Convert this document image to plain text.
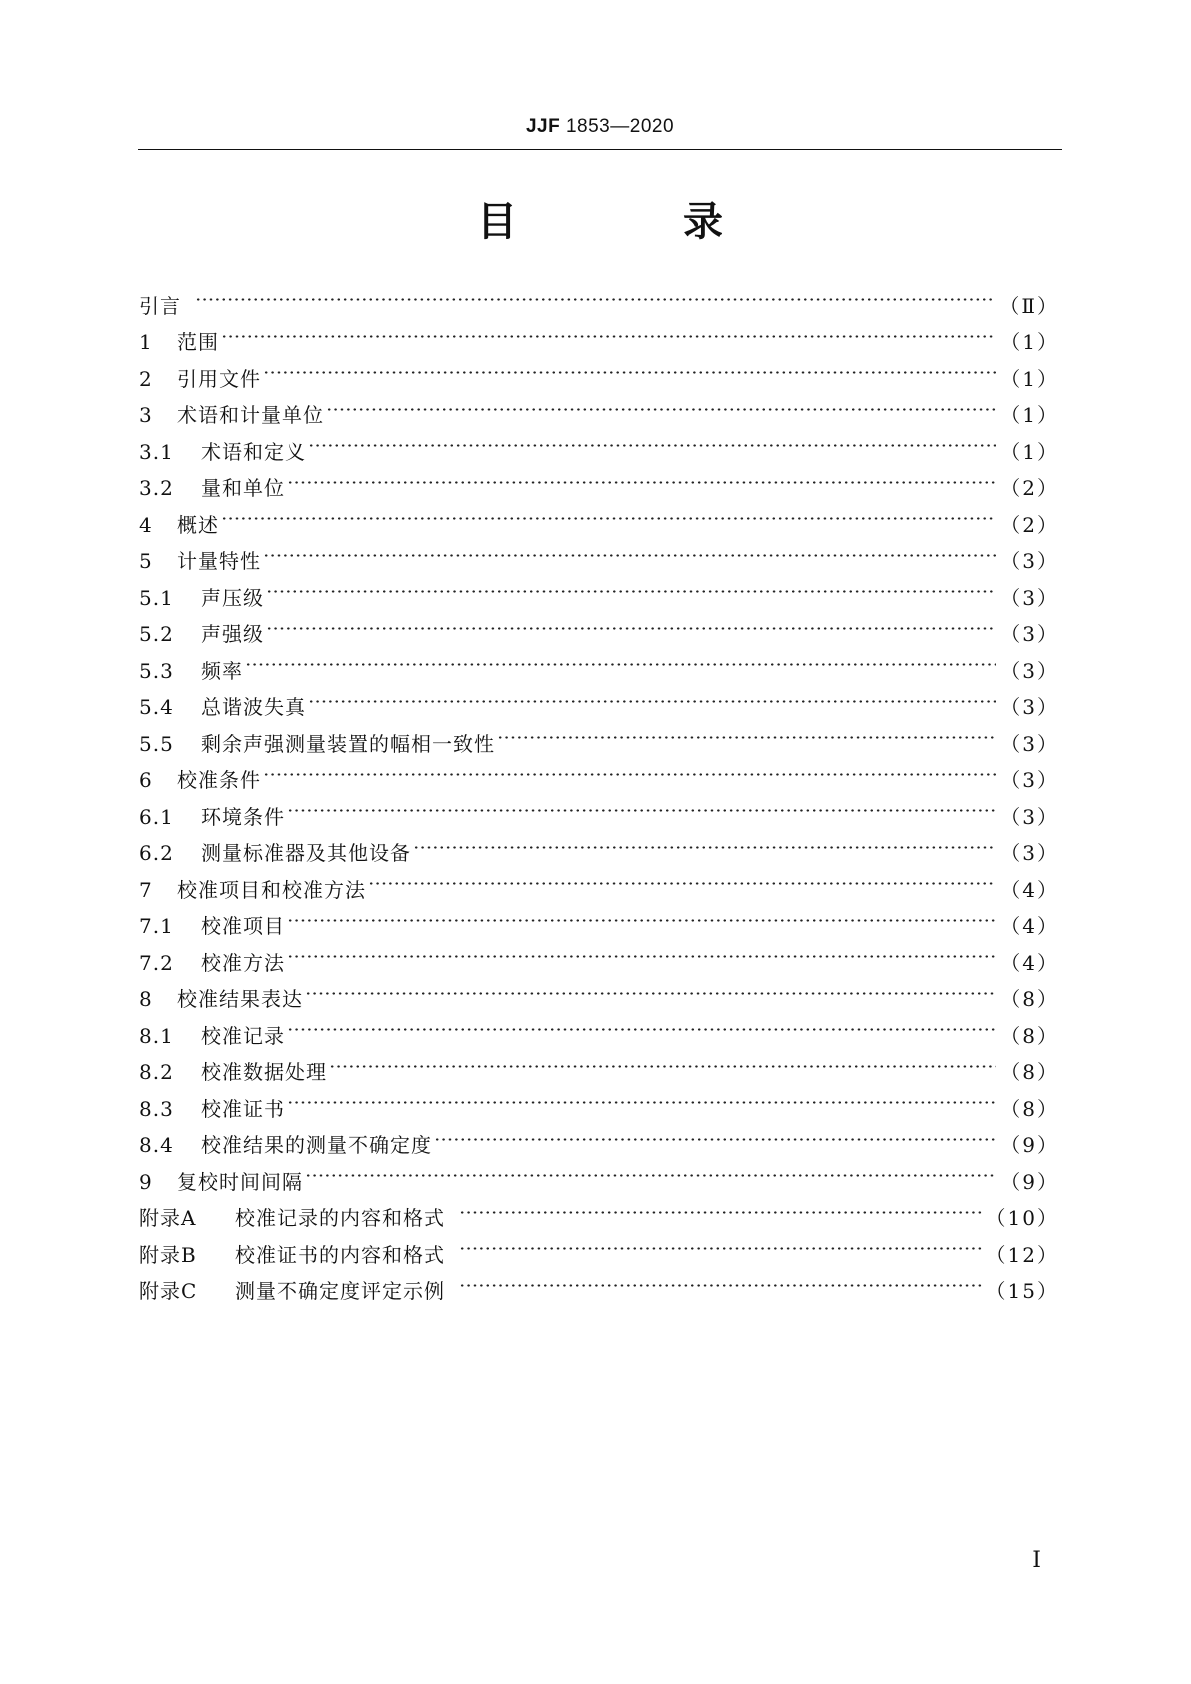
JJF 1853—2020
目 录
引言	（Ⅱ）
1	范围	（1）
2	引用文件	（1）
3	术语和计量单位	（1）
3.1	术语和定义	（1）
3.2	量和单位	（2）
4	概述	（2）
5	计量特性	（3）
5.1	声压级	（3）
5.2	声强级	（3）
5.3	频率	（3）
5.4	总谐波失真	（3）
5.5	剩余声强测量装置的幅相一致性	（3）
6	校准条件	（3）
6.1	环境条件	（3）
6.2	测量标准器及其他设备	（3）
7	校准项目和校准方法	（4）
7.1	校准项目	（4）
7.2	校准方法	（4）
8	校准结果表达	（8）
8.1	校准记录	（8）
8.2	校准数据处理	（8）
8.3	校准证书	（8）
8.4	校准结果的测量不确定度	（9）
9	复校时间间隔	（9）
附录A	校准记录的内容和格式	（10）
附录B	校准证书的内容和格式	（12）
附录C	测量不确定度评定示例	（15）
Ⅰ
